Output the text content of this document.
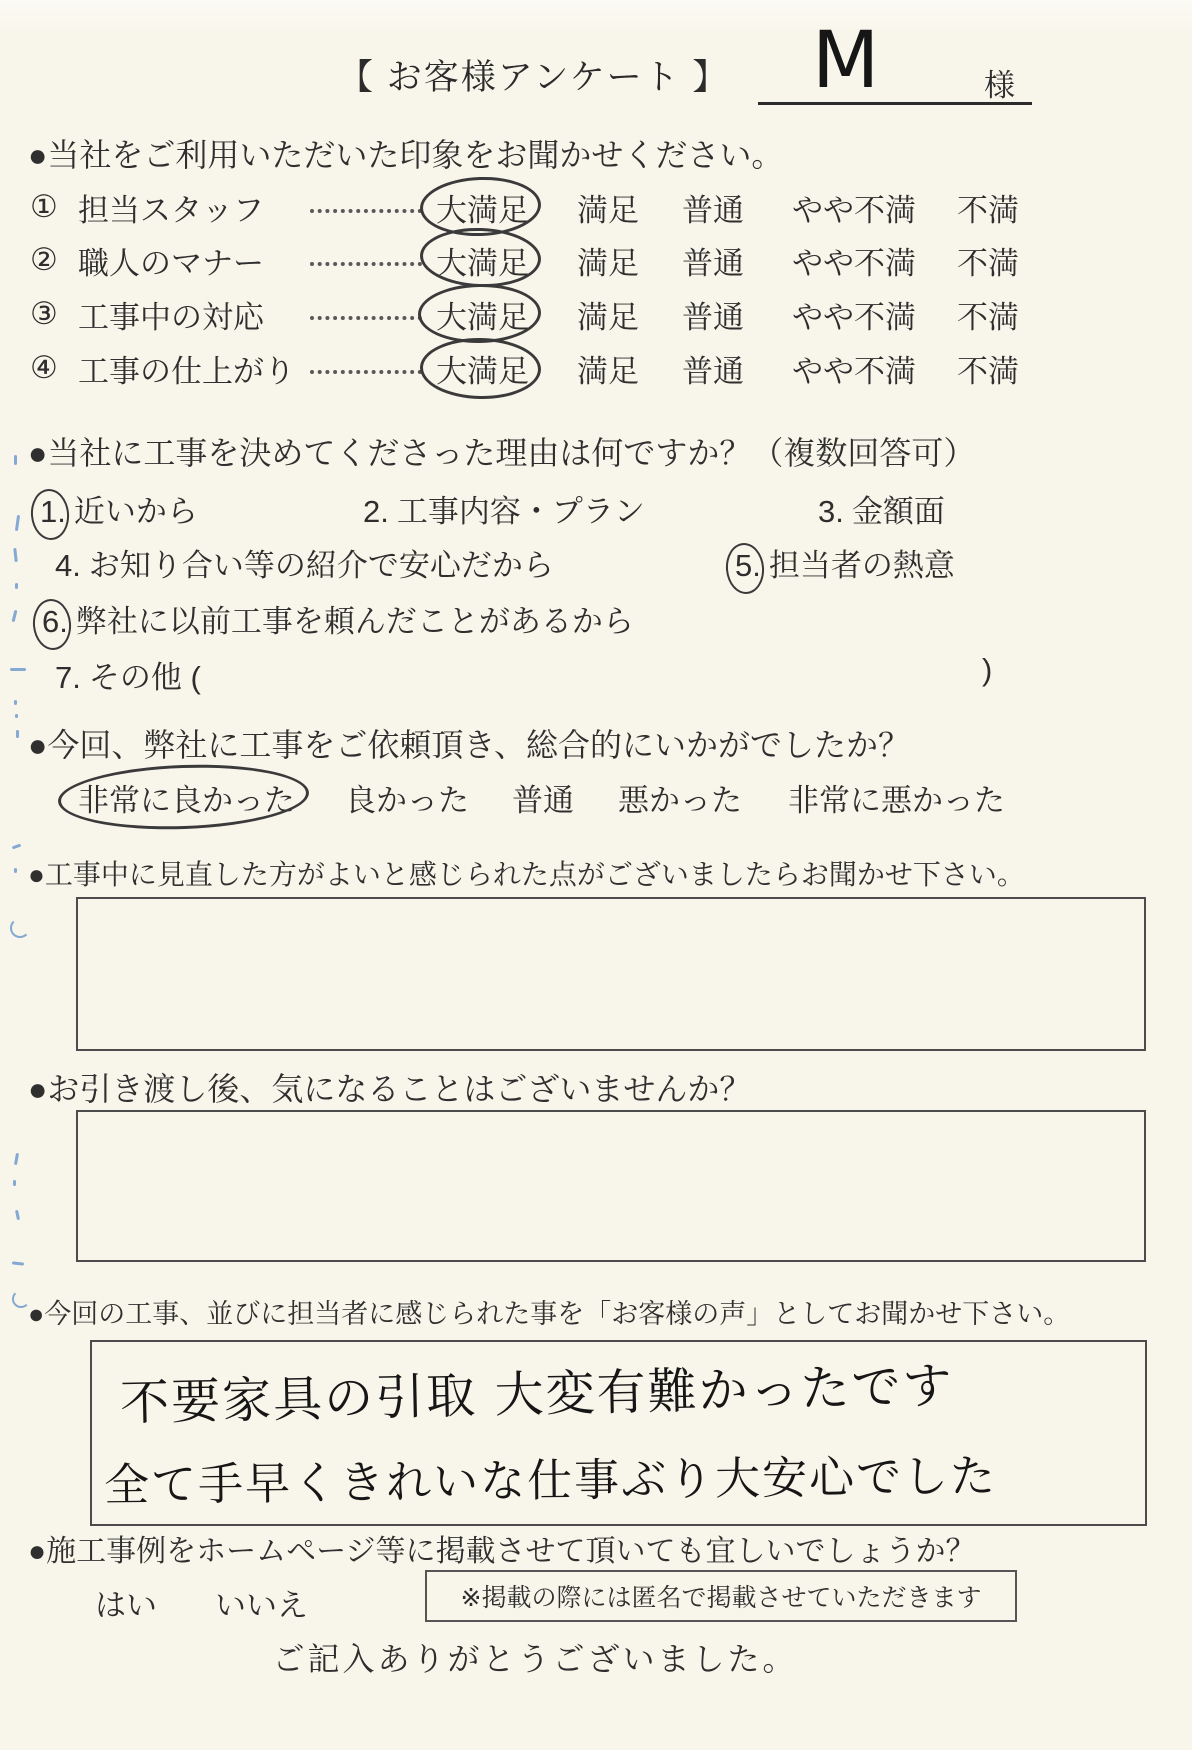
【 お客様アンケート 】 M	様
●当社をご利用いただいた印象をお聞かせください。
① 担当スタッフ	大満足	満足	普通	やや不満	不満
② 職人のマナー	大満足	満足	普通	やや不満	不満
③ 工事中の対応	大満足	満足	普通	やや不満	不満
④ 工事の仕上がり	大満足	満足	普通	やや不満	不満
●当社に工事を決めてくださった理由は何ですか？（複数回答可）
1. 近いから	2. 工事内容・プラン	3. 金額面
4. お知り合い等の紹介で安心だから	5. 担当者の熱意
6. 弊社に以前工事を頼んだことがあるから
7. その他 (	)
●今回、弊社に工事をご依頼頂き、総合的にいかがでしたか？
非常に良かった 良かった 普通 悪かった 非常に悪かった
●工事中に見直した方がよいと感じられた点がございましたらお聞かせ下さい。
●お引き渡し後、気になることはございませんか？
●今回の工事、並びに担当者に感じられた事を「お客様の声」としてお聞かせ下さい。
不要家具の引取 大変有難かったです
全て手早くきれいな仕事ぶり大安心でした
●施工事例をホームページ等に掲載させて頂いても宜しいでしょうか？
はい いいえ	※掲載の際には匿名で掲載させていただきます
ご記入ありがとうございました。
